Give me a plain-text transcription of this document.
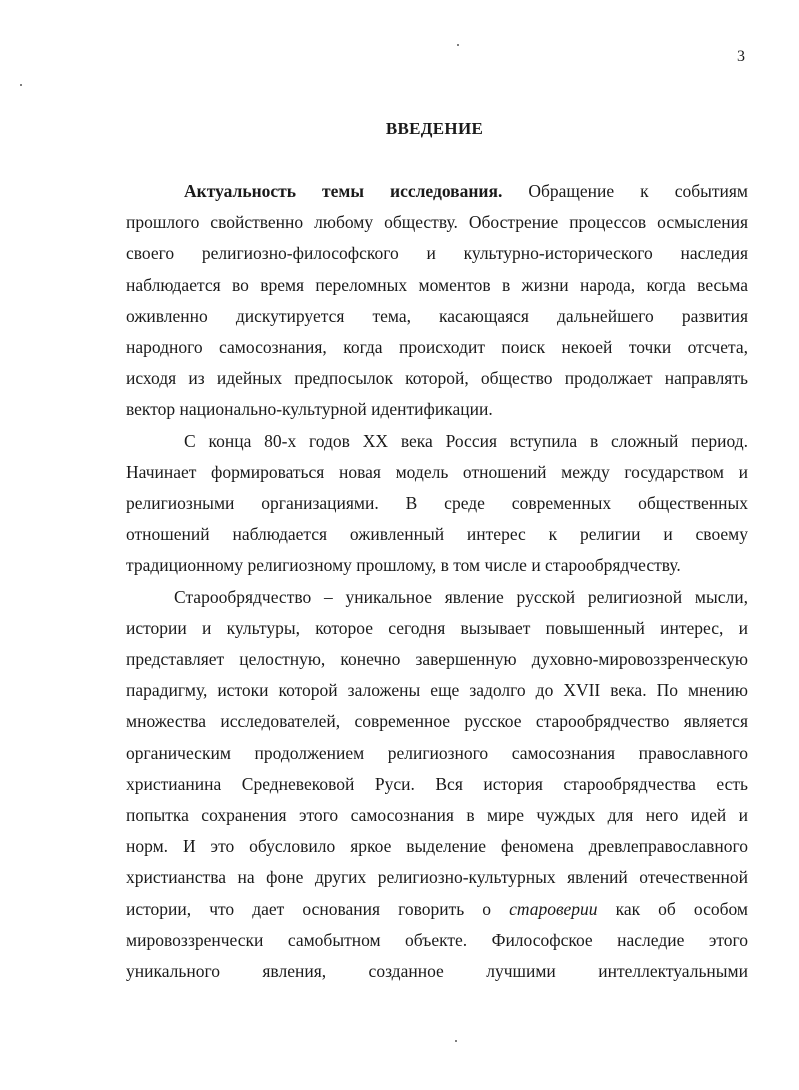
3
ВВЕДЕНИЕ
Актуальность темы исследования. Обращение к событиям
прошлого свойственно любому обществу. Обострение процессов осмысления
своего религиозно-философского и культурно-исторического наследия
наблюдается во время переломных моментов в жизни народа, когда весьма
оживленно дискутируется тема, касающаяся дальнейшего развития
народного самосознания, когда происходит поиск некоей точки отсчета,
исходя из идейных предпосылок которой, общество продолжает направлять
вектор национально-культурной идентификации.
С конца 80-х годов XX века Россия вступила в сложный период.
Начинает формироваться новая модель отношений между государством и
религиозными организациями. В среде современных общественных
отношений наблюдается оживленный интерес к религии и своему
традиционному религиозному прошлому, в том числе и старообрядчеству.
Старообрядчество – уникальное явление русской религиозной мысли,
истории и культуры, которое сегодня вызывает повышенный интерес, и
представляет целостную, конечно завершенную духовно-мировоззренческую
парадигму, истоки которой заложены еще задолго до XVII века. По мнению
множества исследователей, современное русское старообрядчество является
органическим продолжением религиозного самосознания православного
христианина Средневековой Руси. Вся история старообрядчества есть
попытка сохранения этого самосознания в мире чуждых для него идей и
норм. И это обусловило яркое выделение феномена древлеправославного
христианства на фоне других религиозно-культурных явлений отечественной
истории, что дает основания говорить о староверии как об особом
мировоззренчески самобытном объекте. Философское наследие этого
уникального явления, созданное лучшими интеллектуальными
